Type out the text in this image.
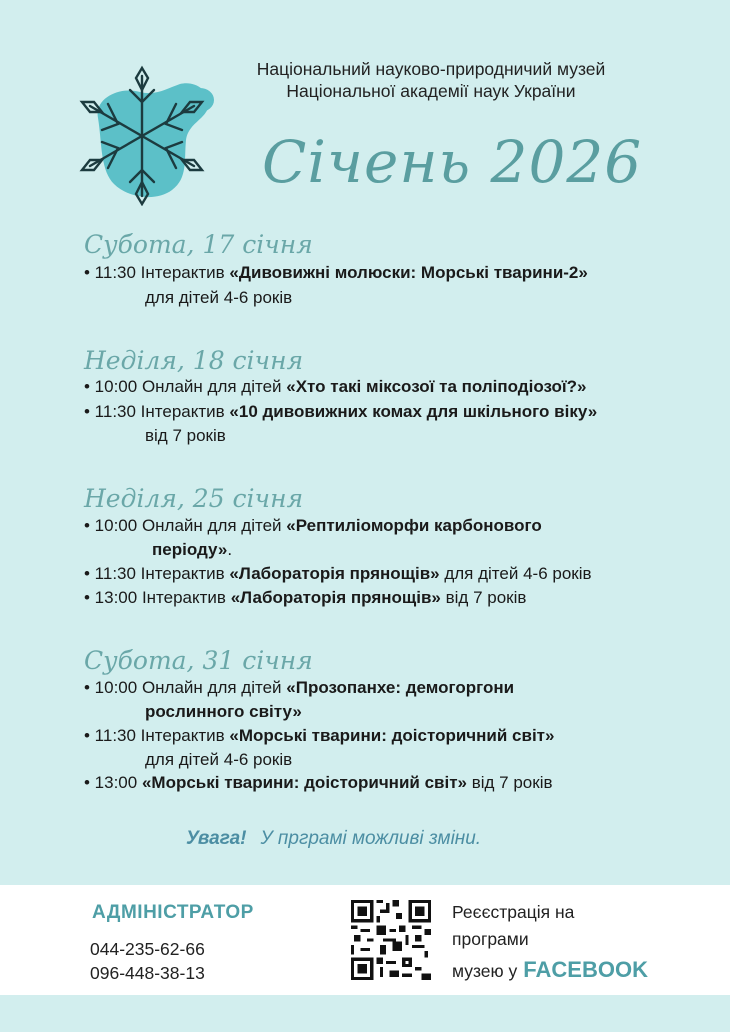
Національний науково-природничий музей
Національної академії наук України
Січень 2026
Субота, 17 січня
• 11:30 Інтерактив «Дивовижні молюски: Морські тварини-2»
для дітей 4-6 років
Неділя, 18 січня
• 10:00 Онлайн для дітей «Хто такі міксозої та поліподіозої?»
• 11:30 Інтерактив «10 дивовижних комах для шкільного віку»
від 7 років
Неділя, 25 січня
• 10:00 Онлайн для дітей «Рептиліоморфи карбонового
періоду».
• 11:30 Інтерактив «Лабораторія прянощів» для дітей 4-6 років
• 13:00 Інтерактив «Лабораторія прянощів» від 7 років
Субота, 31 січня
• 10:00 Онлайн для дітей «Прозопанхе: демогоргони
рослинного світу»
• 11:30 Інтерактив «Морські тварини: доісторичний світ»
для дітей 4-6 років
• 13:00 «Морські тварини: доісторичний світ» від 7 років
Увага! У прграмі можливі зміни.
АДМІНІСТРАТОР
044-235-62-66
096-448-38-13
Реєєстрація на
програми
музею у FACEBOOK
